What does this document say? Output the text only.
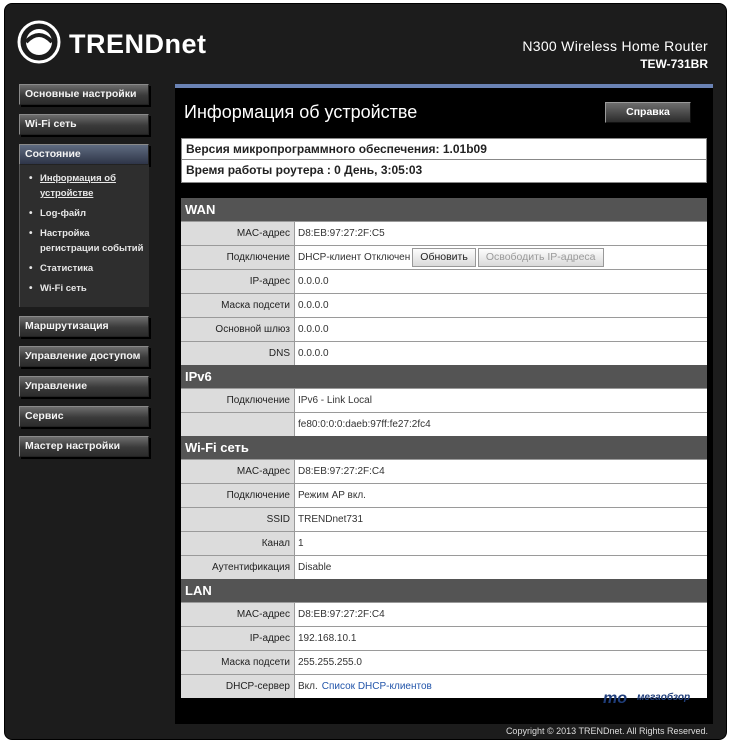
TRENDnet	N300 Wireless Home Router
TEW-731BR
Основные настройки
Wi-Fi сеть
Состояние
• Информация об устройстве
• Log-файл
• Настройка регистрации событий
• Статистика
• Wi-Fi сеть
Маршрутизация
Управление доступом
Управление
Сервис
Мастер настройки
Информация об устройстве	Справка
Версия микропрограммного обеспечения: 1.01b09
Время работы роутера : 0 День, 3:05:03
WAN
MAC-адрес D8:EB:97:27:2F:C5
Подключение DHCP-клиент Отключен Обновить	Освободить IP-адреса
IP-адрес 0.0.0.0
Маска подсети 0.0.0.0
Основной шлюз 0.0.0.0
DNS 0.0.0.0
IPv6
Подключение IPv6 - Link Local
fe80:0:0:0:daeb:97ff:fe27:2fc4
Wi-Fi сеть
MAC-адрес D8:EB:97:27:2F:C4
Подключение Режим AP вкл.
SSID TRENDnet731
Канал 1
Аутентификация Disable
LAN
MAC-адрес D8:EB:97:27:2F:C4
IP-адрес 192.168.10.1
Маска подсети 255.255.255.0
DHCP-сервер Вкл. Список DHCP-клиентов
Copyright © 2013 TRENDnet. All Rights Reserved.
mo мегаобзор
